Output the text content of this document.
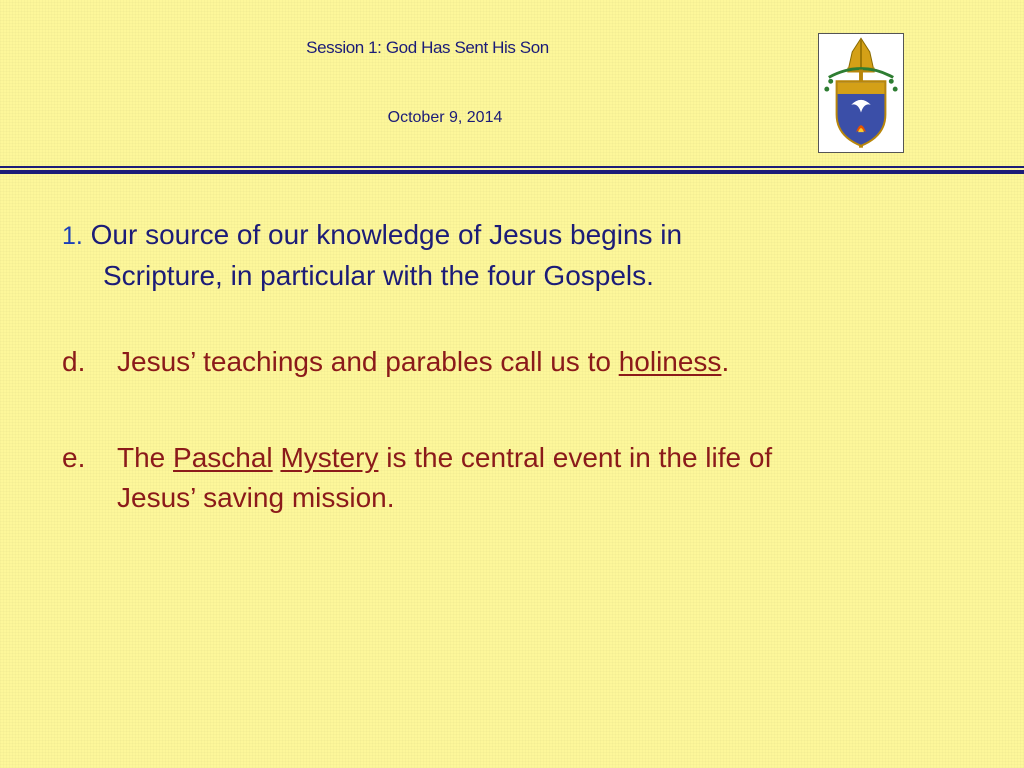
Session 1: God Has Sent His Son
October 9, 2014
1. Our source of our knowledge of Jesus begins in
Scripture, in particular with the four Gospels.
d. Jesus’ teachings and parables call us to holiness.
e. The Paschal Mystery is the central event in the life of
Jesus’ saving mission.
